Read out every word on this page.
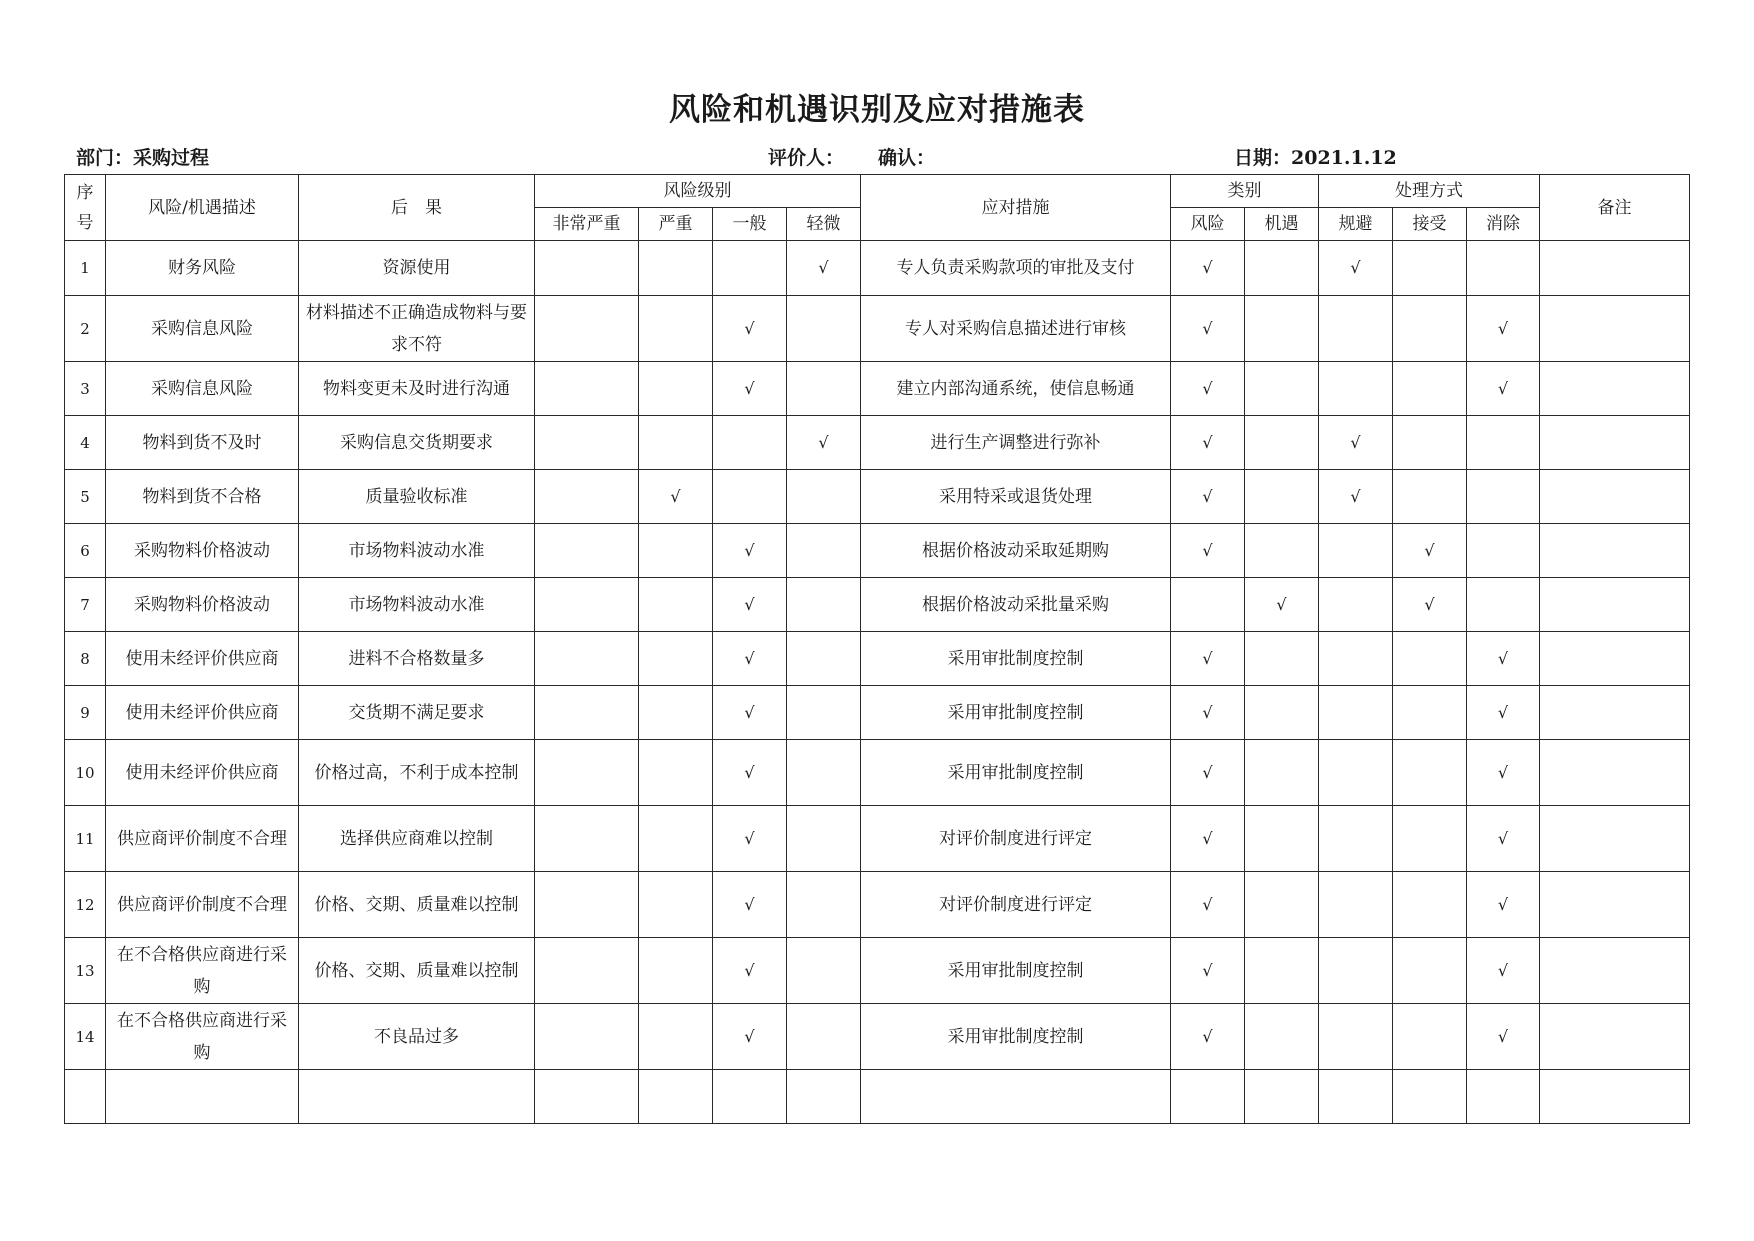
风险和机遇识别及应对措施表
部门：采购过程	评价人： 确认：	日期：2021.1.12
序
号	风险/机遇描述	后　果	风险级别				应对措施	类别		处理方式			备注
			非常严重	严重	一般	轻微		风险	机遇	规避	接受	消除	
1	财务风险	资源使用				√	专人负责采购款项的审批及支付	√		√			
2	采购信息风险	材料描述不正确造成物料与要求不符			√		专人对采购信息描述进行审核	√				√	
3	采购信息风险	物料变更未及时进行沟通			√		建立内部沟通系统，使信息畅通	√				√	
4	物料到货不及时	采购信息交货期要求				√	进行生产调整进行弥补	√		√			
5	物料到货不合格	质量验收标准		√			采用特采或退货处理	√		√			
6	采购物料价格波动	市场物料波动水准			√		根据价格波动采取延期购	√			√		
7	采购物料价格波动	市场物料波动水准			√		根据价格波动采批量采购		√		√		
8	使用未经评价供应商	进料不合格数量多			√		采用审批制度控制	√				√	
9	使用未经评价供应商	交货期不满足要求			√		采用审批制度控制	√				√	
10	使用未经评价供应商	价格过高，不利于成本控制			√		采用审批制度控制	√				√	
11	供应商评价制度不合理	选择供应商难以控制			√		对评价制度进行评定	√				√	
12	供应商评价制度不合理	价格、交期、质量难以控制			√		对评价制度进行评定	√				√	
13	在不合格供应商进行采购	价格、交期、质量难以控制			√		采用审批制度控制	√				√	
14	在不合格供应商进行采购	不良品过多			√		采用审批制度控制	√				√	
